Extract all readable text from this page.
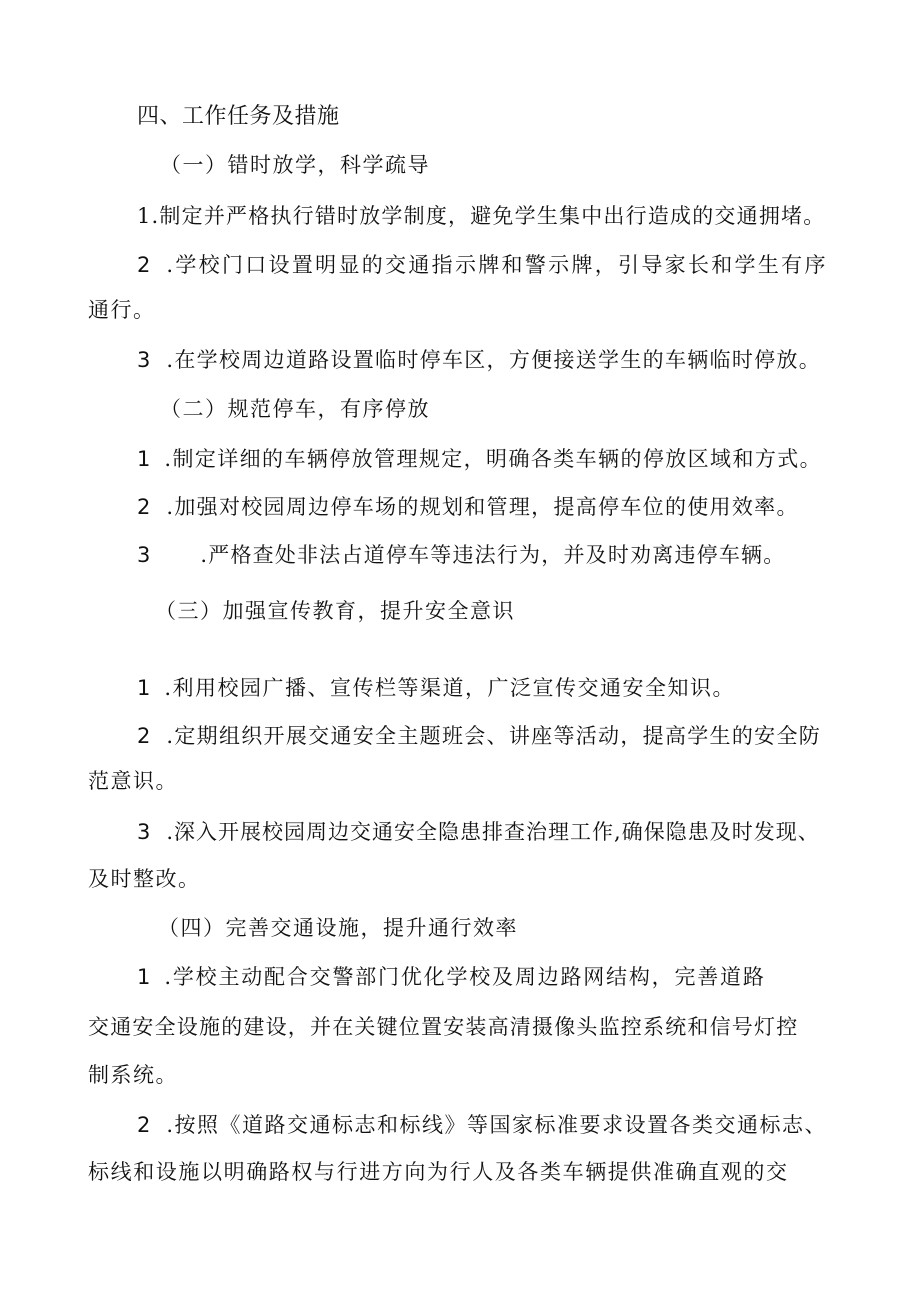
四、工作任务及措施
（一）错时放学，科学疏导
1.制定并严格执行错时放学制度，避免学生集中出行造成的交通拥堵。
2 .学校门口设置明显的交通指示牌和警示牌，引导家长和学生有序
通行。
3 .在学校周边道路设置临时停车区，方便接送学生的车辆临时停放。
（二）规范停车，有序停放
1 .制定详细的车辆停放管理规定，明确各类车辆的停放区域和方式。
2 .加强对校园周边停车场的规划和管理，提高停车位的使用效率。
3 .严格查处非法占道停车等违法行为，并及时劝离违停车辆。
（三）加强宣传教育，提升安全意识
1 .利用校园广播、宣传栏等渠道，广泛宣传交通安全知识。
2 .定期组织开展交通安全主题班会、讲座等活动，提高学生的安全防
范意识。
3 .深入开展校园周边交通安全隐患排查治理工作,确保隐患及时发现、
及时整改。
（四）完善交通设施，提升通行效率
1 .学校主动配合交警部门优化学校及周边路网结构，完善道路
交通安全设施的建设，并在关键位置安装高清摄像头监控系统和信号灯控
制系统。
2 .按照《道路交通标志和标线》等国家标准要求设置各类交通标志、
标线和设施以明确路权与行进方向为行人及各类车辆提供准确直观的交
